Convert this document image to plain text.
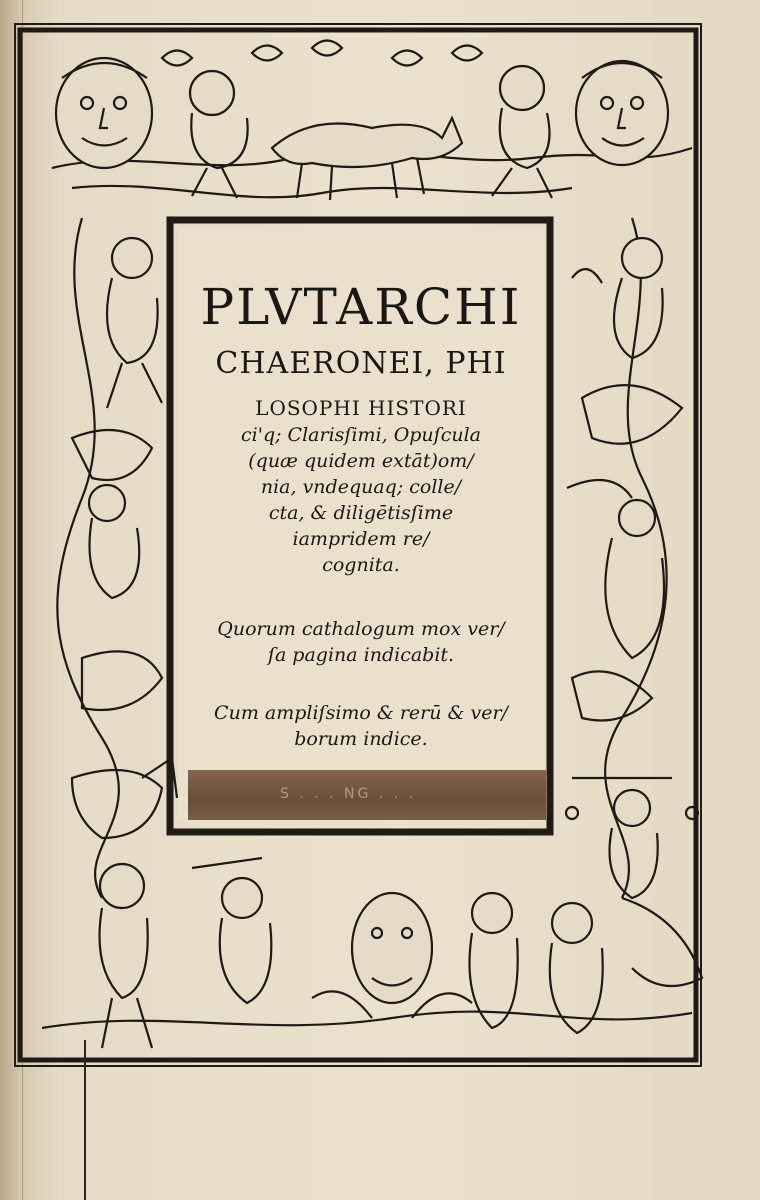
PLVTARCHI
CHAERONEI, PHI
LOSOPHI HISTORI
ci'q; Clarisſimi, Opuſcula
(quæ quidem extāt)om/
nia, vndequaq; colle/
cta, & diligētisſime
iampridem re/
cognita.
Quorum cathalogum mox ver/
ſa pagina indicabit.
Cum ampliſsimo & rerū & ver/
borum indice.
S . . . NG . . .
